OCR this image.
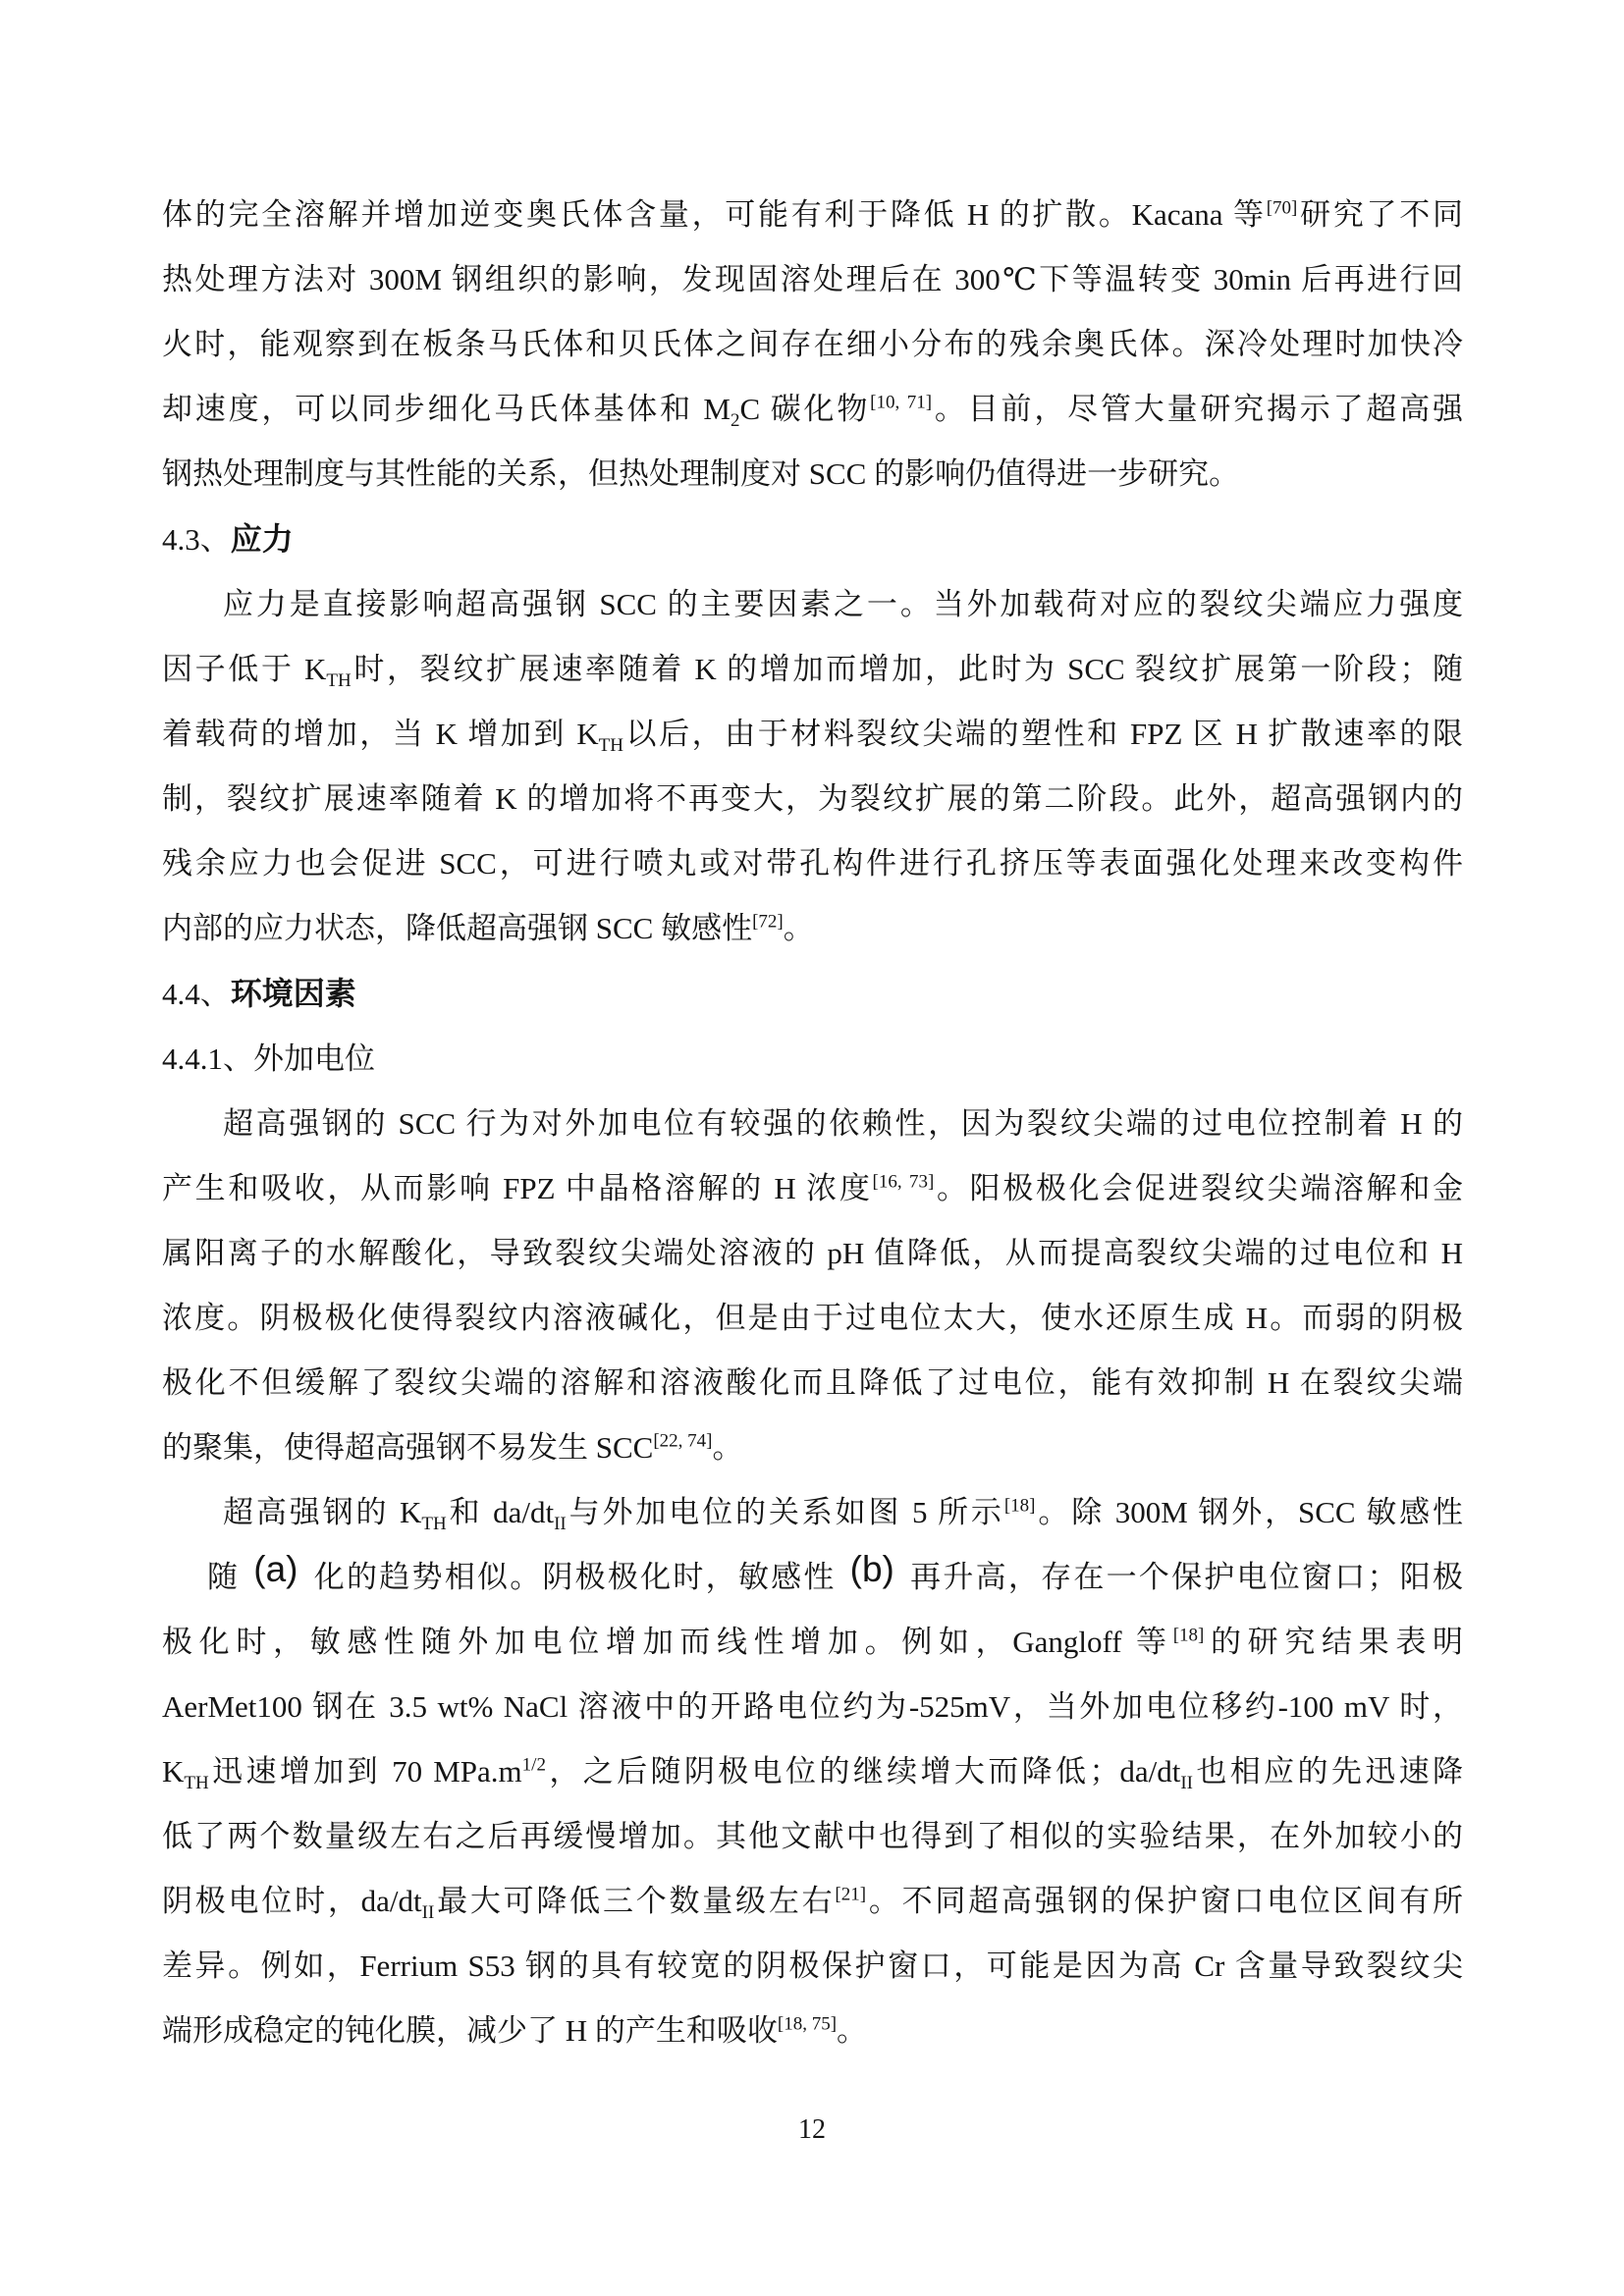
体的完全溶解并增加逆变奥氏体含量，可能有利于降低 H 的扩散。Kacana 等[70]研究了不同
热处理方法对 300M 钢组织的影响，发现固溶处理后在 300℃下等温转变 30min 后再进行回
火时，能观察到在板条马氏体和贝氏体之间存在细小分布的残余奥氏体。深冷处理时加快冷
却速度，可以同步细化马氏体基体和 $M_2C$ 碳化物[10, 71]。目前，尽管大量研究揭示了超高强
钢热处理制度与其性能的关系，但热处理制度对 SCC 的影响仍值得进一步研究。
4.3、应力
应力是直接影响超高强钢 SCC 的主要因素之一。当外加载荷对应的裂纹尖端应力强度
因子低于 $K_{TH}$时，裂纹扩展速率随着 K 的增加而增加，此时为 SCC 裂纹扩展第一阶段；随
着载荷的增加，当 K 增加到 $K_{TH}$以后，由于材料裂纹尖端的塑性和 FPZ 区 H 扩散速率的限
制，裂纹扩展速率随着 K 的增加将不再变大，为裂纹扩展的第二阶段。此外，超高强钢内的
残余应力也会促进 SCC，可进行喷丸或对带孔构件进行孔挤压等表面强化处理来改变构件
内部的应力状态，降低超高强钢 SCC 敏感性[72]。
4.4、环境因素
4.4.1、外加电位
超高强钢的 SCC 行为对外加电位有较强的依赖性，因为裂纹尖端的过电位控制着 H 的
产生和吸收，从而影响 FPZ 中晶格溶解的 H 浓度[16, 73]。阳极极化会促进裂纹尖端溶解和金
属阳离子的水解酸化，导致裂纹尖端处溶液的 pH 值降低，从而提高裂纹尖端的过电位和 H
浓度。阴极极化使得裂纹内溶液碱化，但是由于过电位太大，使水还原生成 H。而弱的阴极
极化不但缓解了裂纹尖端的溶解和溶液酸化而且降低了过电位，能有效抑制 H 在裂纹尖端
的聚集，使得超高强钢不易发生 SCC[22, 74]。
超高强钢的 $K_{TH}$和 $da/dt_{II}$与外加电位的关系如图 5 所示[18]。除 300M 钢外，SCC 敏感性
随 (a) 化的趋势相似。阴极极化时，敏感性 (b) 再升高，存在一个保护电位窗口；阳极
极化时，敏感性随外加电位增加而线性增加。例如，Gangloff 等[18]的研究结果表明
AerMet100 钢在 3.5 wt% NaCl 溶液中的开路电位约为-525mV，当外加电位移约-100 mV 时，
$K_{TH}$迅速增加到 70 $MPa.m^{1/2}$，之后随阴极电位的继续增大而降低；$da/dt_{II}$也相应的先迅速降
低了两个数量级左右之后再缓慢增加。其他文献中也得到了相似的实验结果，在外加较小的
阴极电位时，$da/dt_{II}$最大可降低三个数量级左右[21]。不同超高强钢的保护窗口电位区间有所
差异。例如，Ferrium S53 钢的具有较宽的阴极保护窗口，可能是因为高 Cr 含量导致裂纹尖
端形成稳定的钝化膜，减少了 H 的产生和吸收[18, 75]。
12
